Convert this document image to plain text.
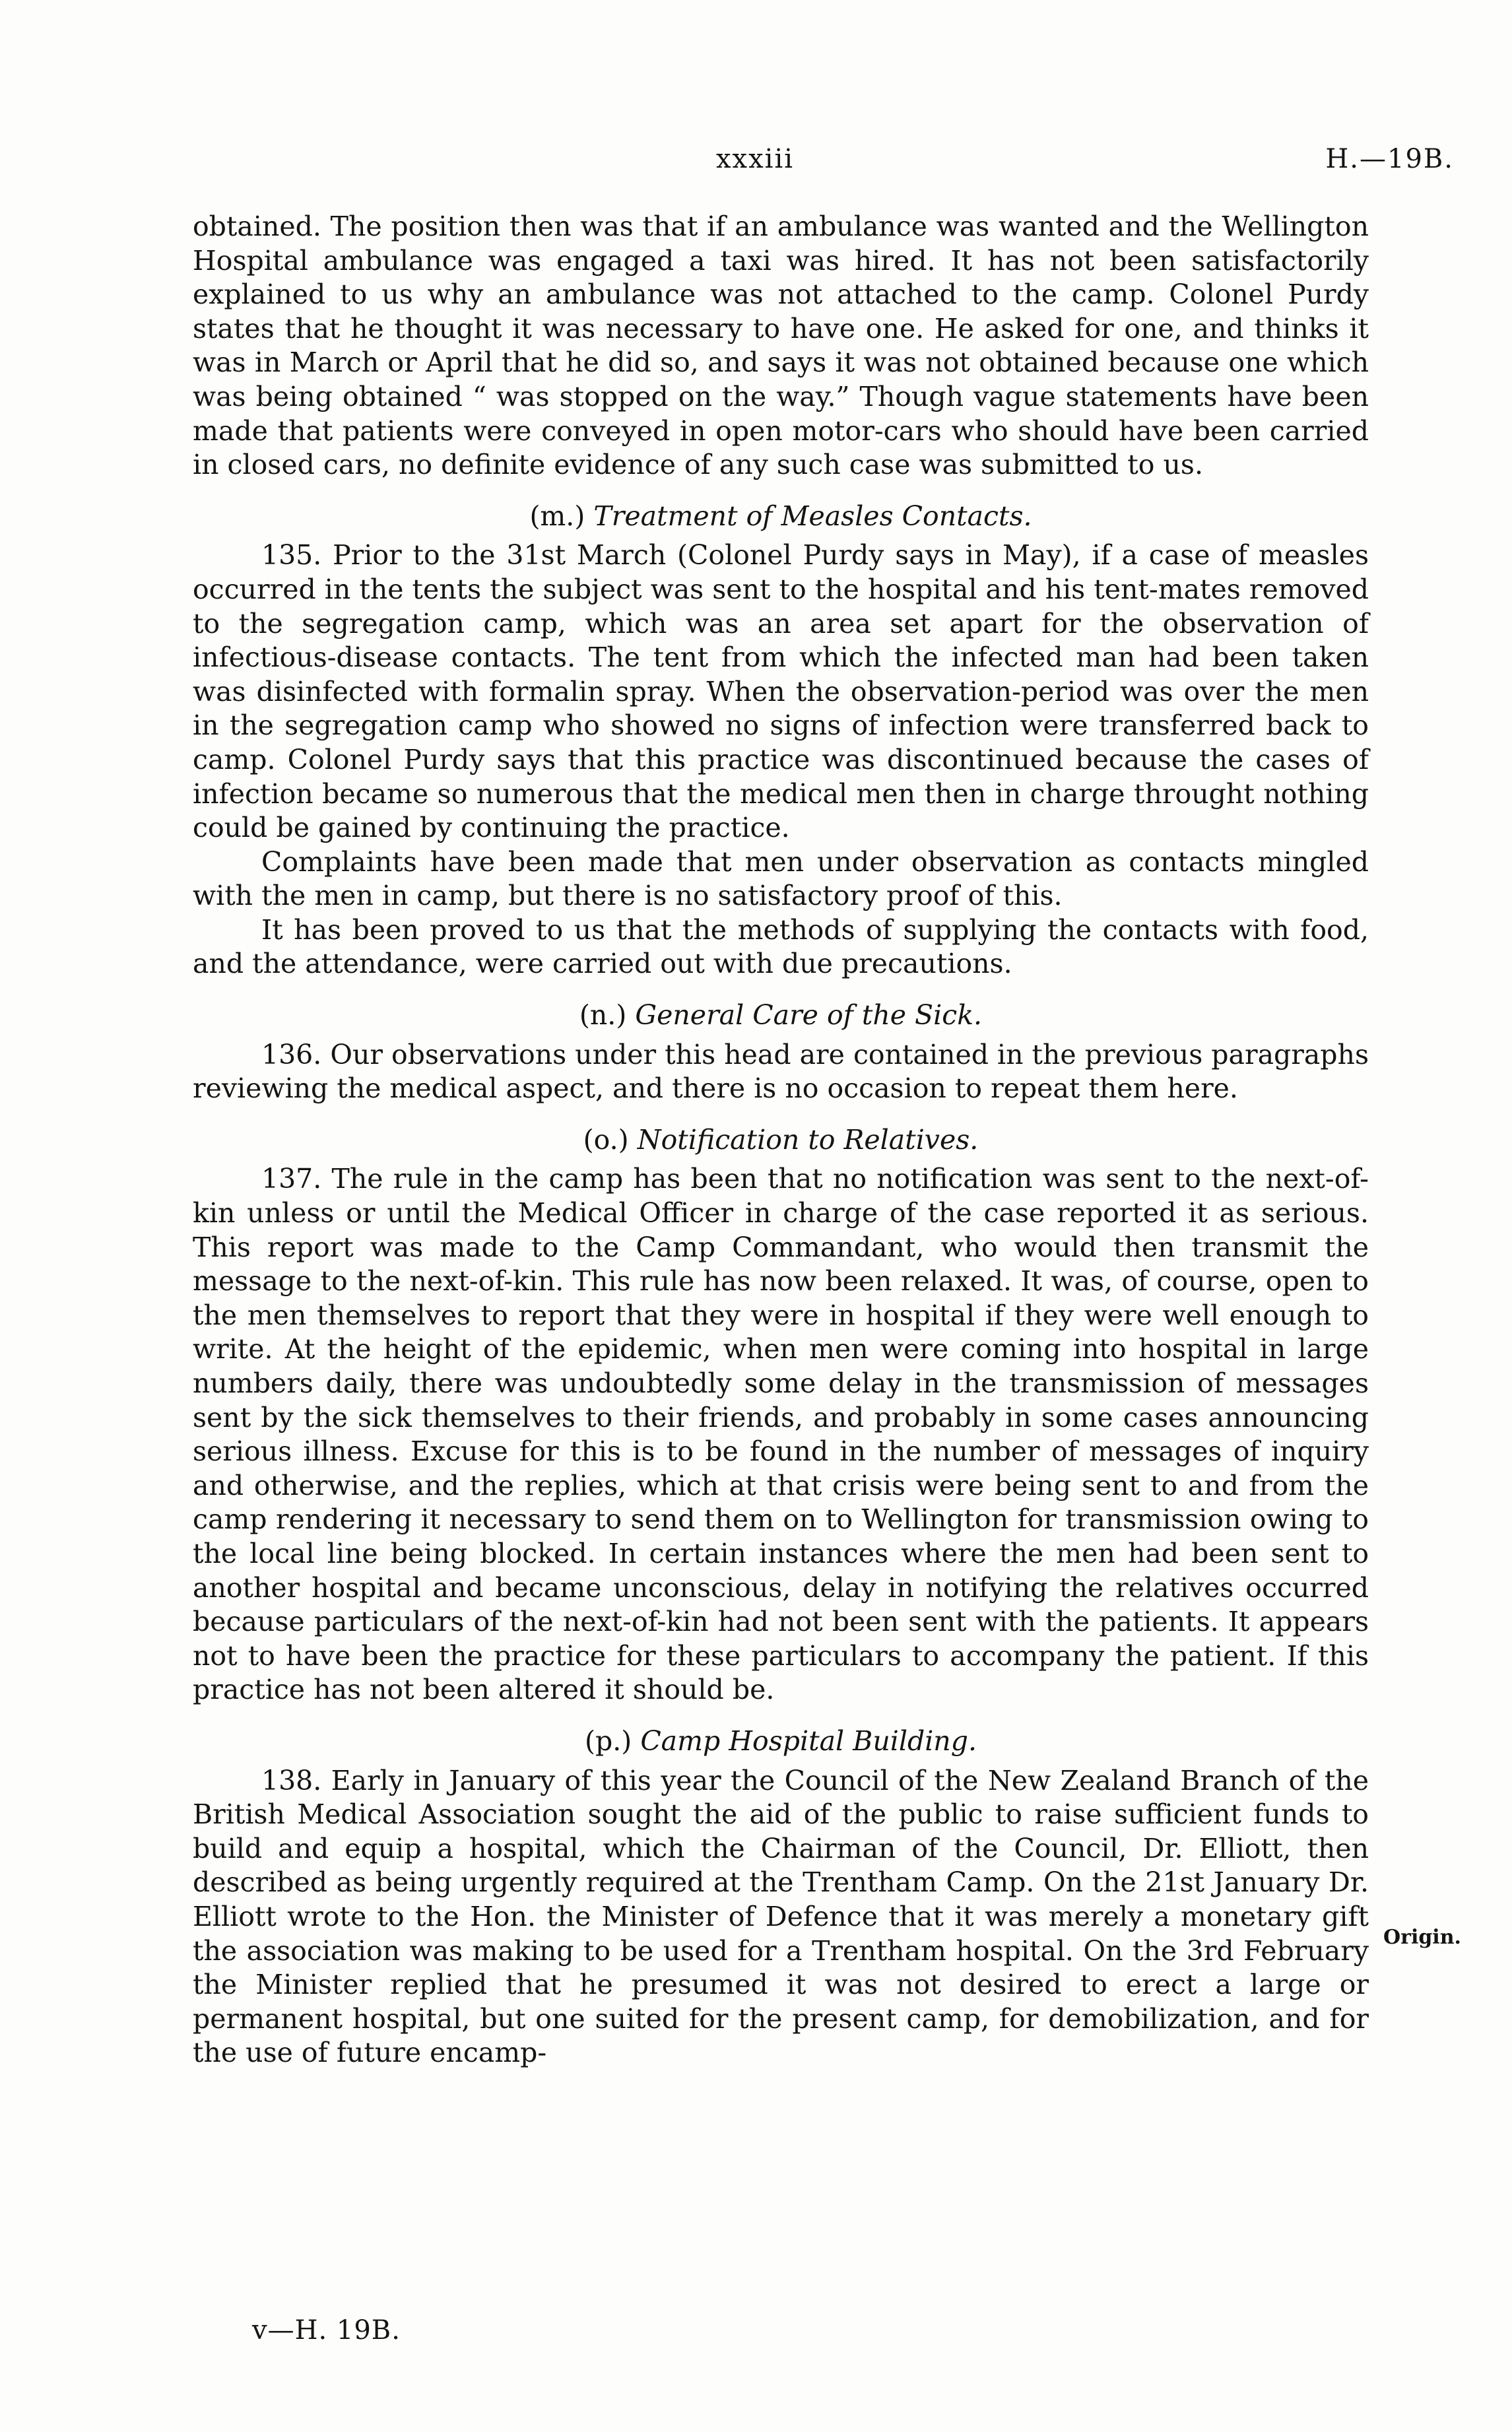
xxxiii	H.—19B.

obtained. The position then was that if an ambulance was wanted and the Wellington Hospital ambulance was engaged a taxi was hired. It has not been satisfactorily explained to us why an ambulance was not attached to the camp. Colonel Purdy states that he thought it was necessary to have one. He asked for one, and thinks it was in March or April that he did so, and says it was not obtained because one which was being obtained “ was stopped on the way.” Though vague statements have been made that patients were conveyed in open motor-cars who should have been carried in closed cars, no definite evidence of any such case was submitted to us.

(m.) Treatment of Measles Contacts.

135. Prior to the 31st March (Colonel Purdy says in May), if a case of measles occurred in the tents the subject was sent to the hospital and his tent-mates removed to the segregation camp, which was an area set apart for the observation of infectious-disease contacts. The tent from which the infected man had been taken was disinfected with formalin spray. When the observation-period was over the men in the segregation camp who showed no signs of infection were transferred back to camp. Colonel Purdy says that this practice was discontinued because the cases of infection became so numerous that the medical men then in charge throught nothing could be gained by continuing the practice.

Complaints have been made that men under observation as contacts mingled with the men in camp, but there is no satisfactory proof of this.

It has been proved to us that the methods of supplying the contacts with food, and the attendance, were carried out with due precautions.

(n.) General Care of the Sick.

136. Our observations under this head are contained in the previous paragraphs reviewing the medical aspect, and there is no occasion to repeat them here.

(o.) Notification to Relatives.

137. The rule in the camp has been that no notification was sent to the next-of-kin unless or until the Medical Officer in charge of the case reported it as serious. This report was made to the Camp Commandant, who would then transmit the message to the next-of-kin. This rule has now been relaxed. It was, of course, open to the men themselves to report that they were in hospital if they were well enough to write. At the height of the epidemic, when men were coming into hospital in large numbers daily, there was undoubtedly some delay in the transmission of messages sent by the sick themselves to their friends, and probably in some cases announcing serious illness. Excuse for this is to be found in the number of messages of inquiry and otherwise, and the replies, which at that crisis were being sent to and from the camp rendering it necessary to send them on to Wellington for transmission owing to the local line being blocked. In certain instances where the men had been sent to another hospital and became unconscious, delay in notifying the relatives occurred because particulars of the next-of-kin had not been sent with the patients. It appears not to have been the practice for these particulars to accompany the patient. If this practice has not been altered it should be.

(p.) Camp Hospital Building.

138. Early in January of this year the Council of the New Zealand Branch of the British Medical Association sought the aid of the public to raise sufficient funds to build and equip a hospital, which the Chairman of the Council, Dr. Elliott, then described as being urgently required at the Trentham Camp. On the 21st January Dr. Elliott wrote to the Hon. the Minister of Defence that it was merely a monetary gift the association was making to be used for a Trentham hospital. On the 3rd February the Minister replied that he presumed it was not desired to erect a large or permanent hospital, but one suited for the present camp, for demobilization, and for the use of future encamp-

Origin.
v—H. 19B.
